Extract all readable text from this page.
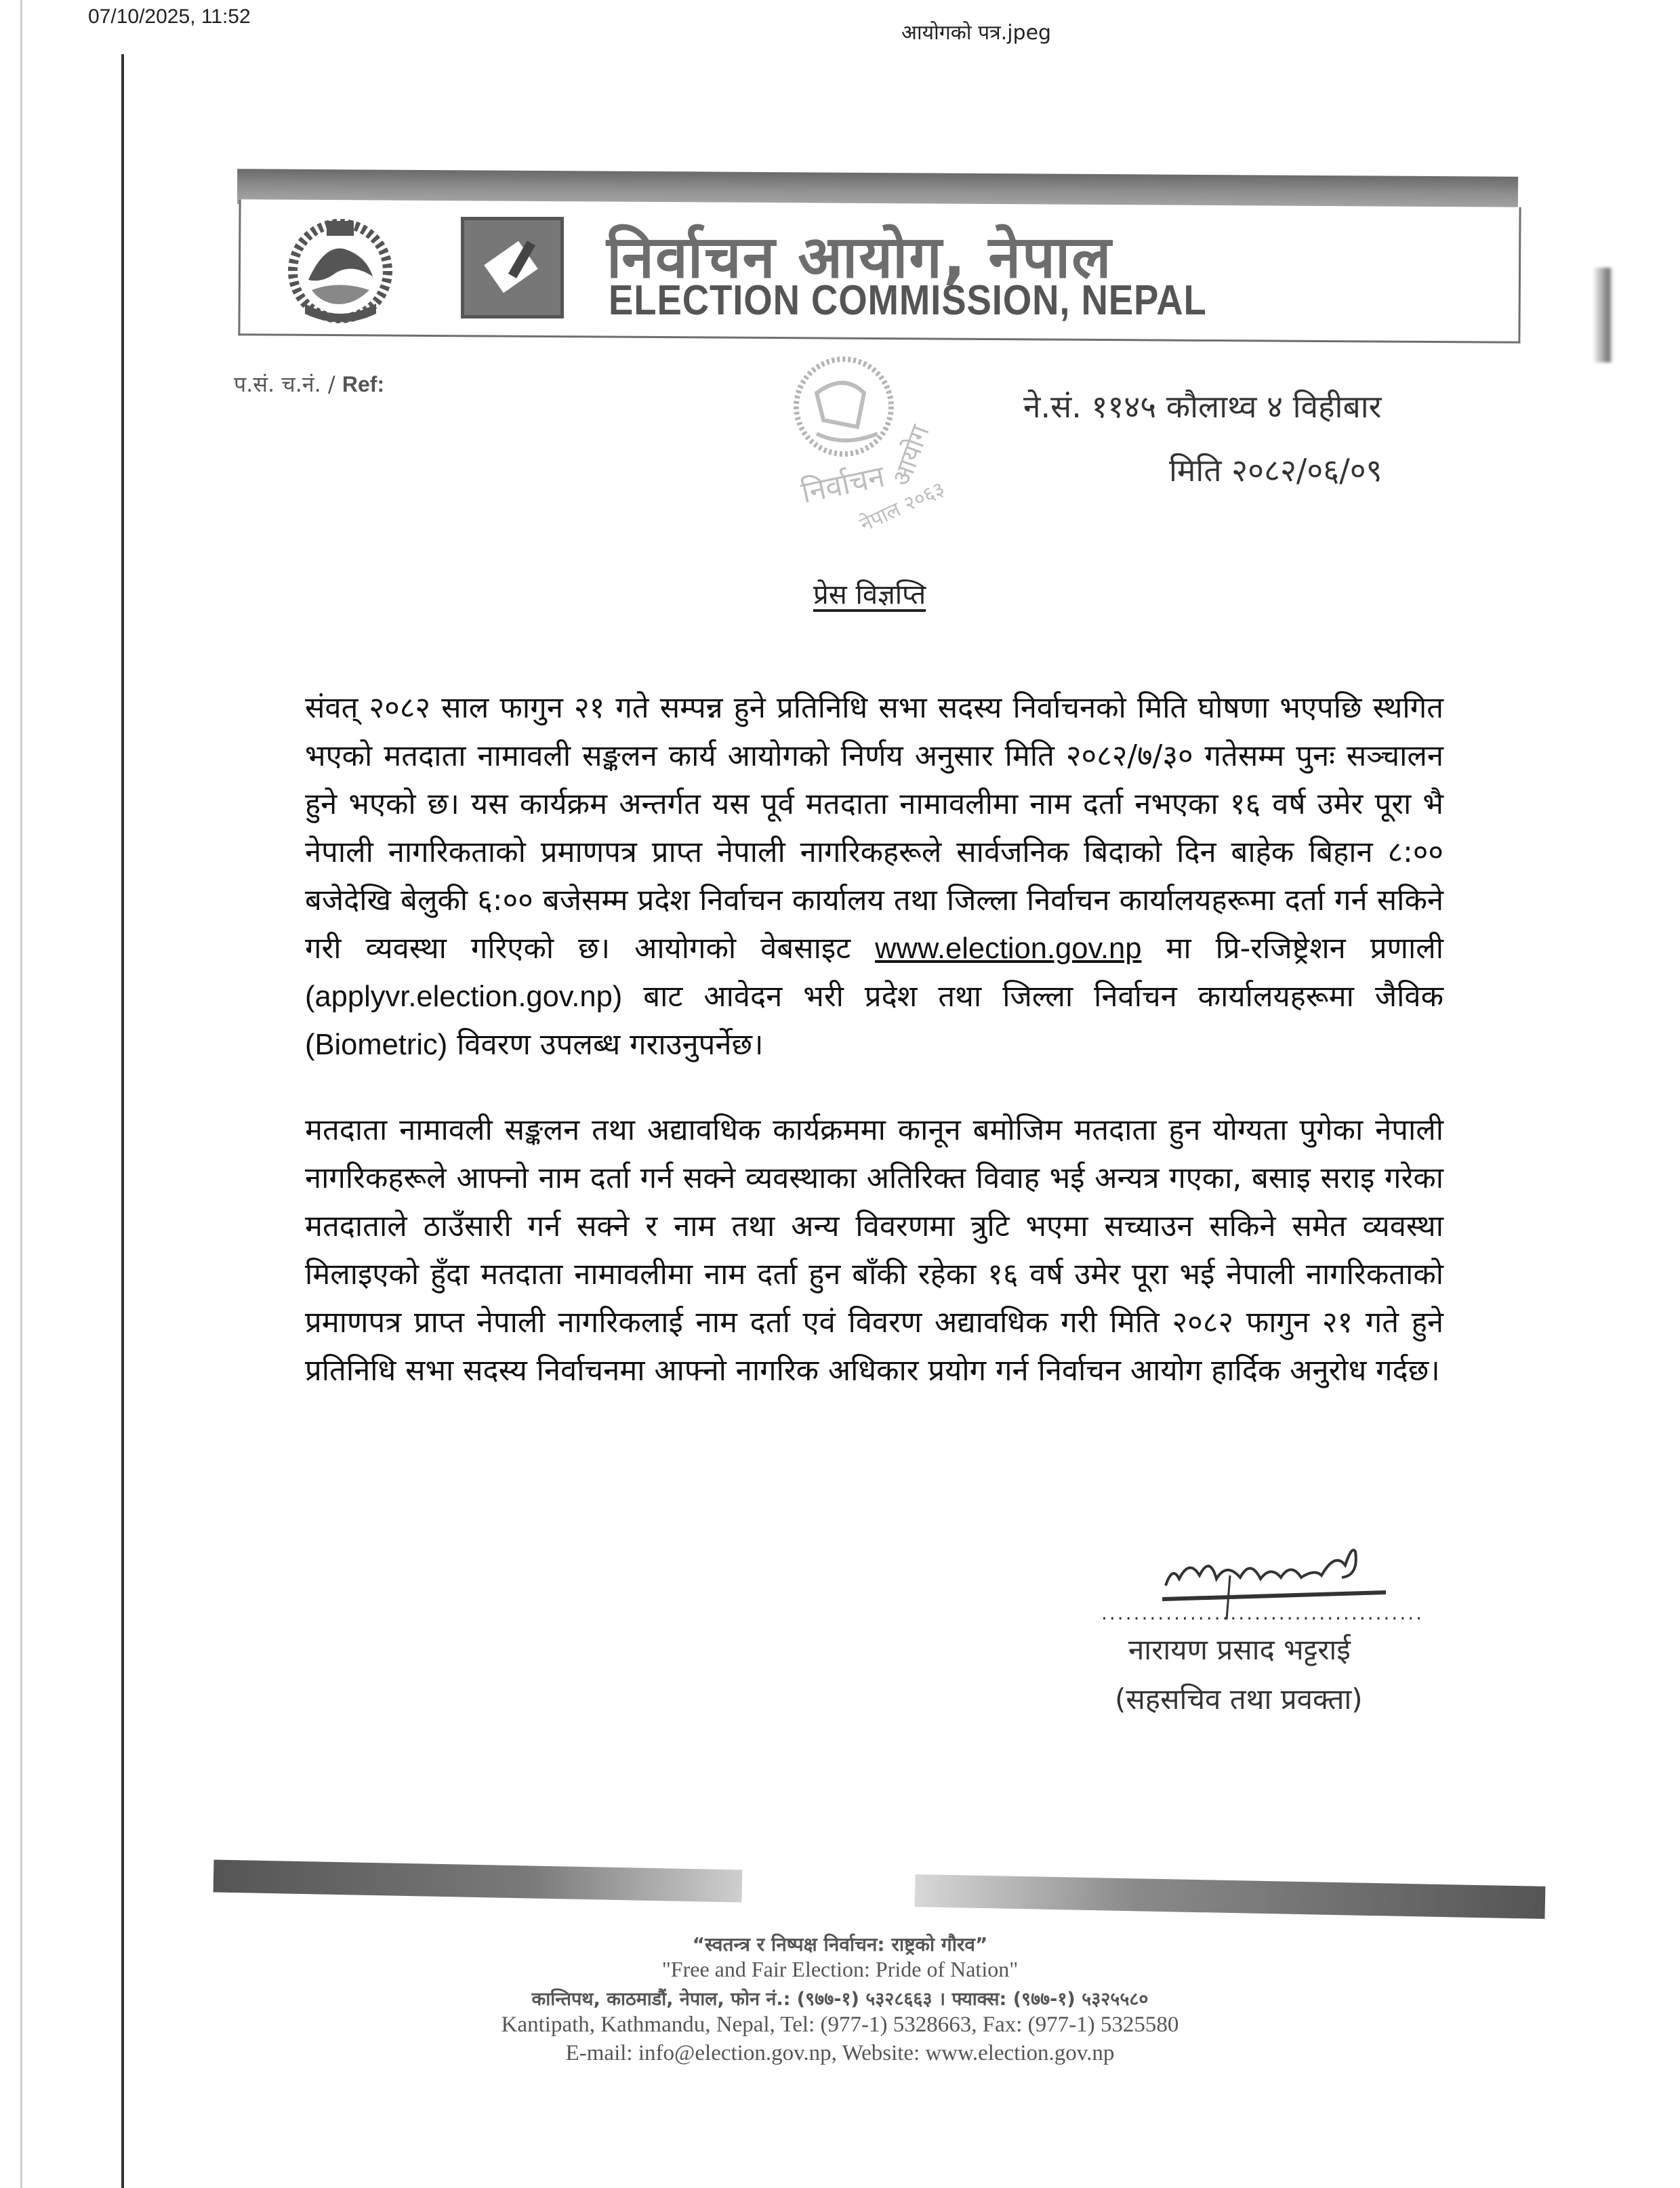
07/10/2025, 11:52
आयोगको पत्र.jpeg
निर्वाचन आयोग, नेपाल
ELECTION COMMISSION, NEPAL
प.सं. च.नं. / Ref:
निर्वाचन
आयोग
नेपाल २०६३
ने.सं. ११४५ कौलाथ्व ४ विहीबार
मिति २०८२/०६/०९
प्रेस विज्ञप्ति
संवत् २०८२ साल फागुन २१ गते सम्पन्न हुने प्रतिनिधि सभा सदस्य निर्वाचनको मिति घोषणा भएपछि स्थगित भएको मतदाता नामावली सङ्कलन कार्य आयोगको निर्णय अनुसार मिति २०८२/७/३० गतेसम्म पुनः सञ्चालन हुने भएको छ। यस कार्यक्रम अन्तर्गत यस पूर्व मतदाता नामावलीमा नाम दर्ता नभएका १६ वर्ष उमेर पूरा भै नेपाली नागरिकताको प्रमाणपत्र प्राप्त नेपाली नागरिकहरूले सार्वजनिक बिदाको दिन बाहेक बिहान ८:०० बजेदेखि बेलुकी ६:०० बजेसम्म प्रदेश निर्वाचन कार्यालय तथा जिल्ला निर्वाचन कार्यालयहरूमा दर्ता गर्न सकिने गरी व्यवस्था गरिएको छ। आयोगको वेबसाइट www.election.gov.np मा प्रि-रजिष्ट्रेशन प्रणाली (applyvr.election.gov.np) बाट आवेदन भरी प्रदेश तथा जिल्ला निर्वाचन कार्यालयहरूमा जैविक (Biometric) विवरण उपलब्ध गराउनुपर्नेछ।
मतदाता नामावली सङ्कलन तथा अद्यावधिक कार्यक्रममा कानून बमोजिम मतदाता हुन योग्यता पुगेका नेपाली नागरिकहरूले आफ्नो नाम दर्ता गर्न सक्ने व्यवस्थाका अतिरिक्त विवाह भई अन्यत्र गएका, बसाइ सराइ गरेका मतदाताले ठाउँसारी गर्न सक्ने र नाम तथा अन्य विवरणमा त्रुटि भएमा सच्याउन सकिने समेत व्यवस्था मिलाइएको हुँदा मतदाता नामावलीमा नाम दर्ता हुन बाँकी रहेका १६ वर्ष उमेर पूरा भई नेपाली नागरिकताको प्रमाणपत्र प्राप्त नेपाली नागरिकलाई नाम दर्ता एवं विवरण अद्यावधिक गरी मिति २०८२ फागुन २१ गते हुने प्रतिनिधि सभा सदस्य निर्वाचनमा आफ्नो नागरिक अधिकार प्रयोग गर्न निर्वाचन आयोग हार्दिक अनुरोध गर्दछ।
........................................
नारायण प्रसाद भट्टराई
(सहसचिव तथा प्रवक्ता)
“स्वतन्त्र र निष्पक्ष निर्वाचन: राष्ट्रको गौरव”
"Free and Fair Election: Pride of Nation"
कान्तिपथ, काठमाडौं, नेपाल, फोन नं.: (९७७-१) ५३२८६६३ । फ्याक्स: (९७७-१) ५३२५५८०
Kantipath, Kathmandu, Nepal, Tel: (977-1) 5328663, Fax: (977-1) 5325580
E-mail: info@election.gov.np, Website: www.election.gov.np
